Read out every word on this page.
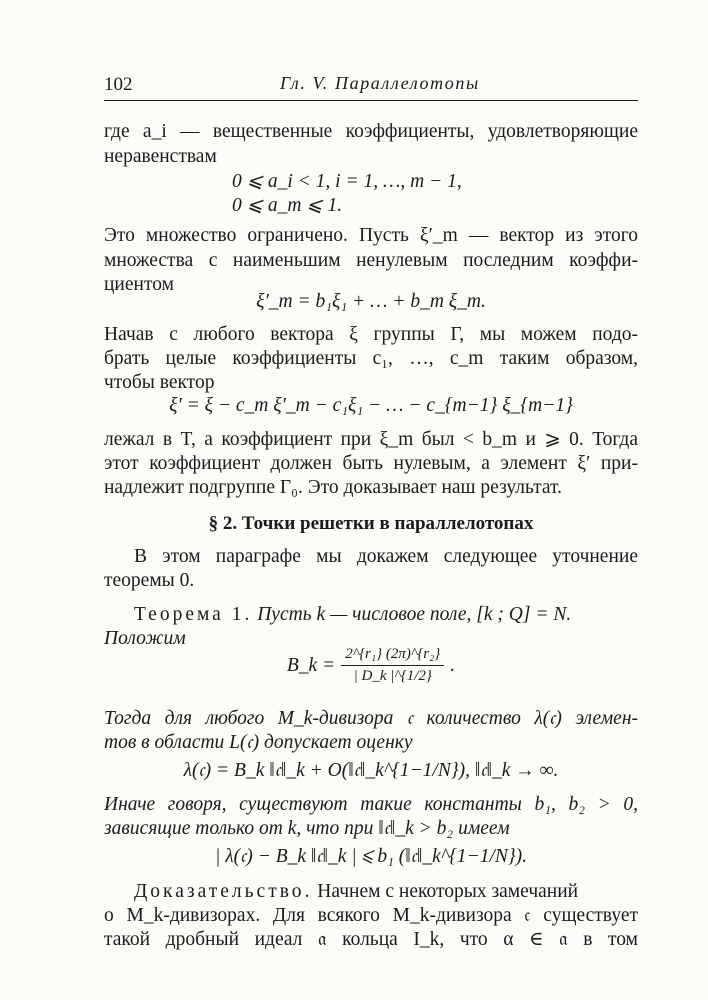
102	Гл. V. Параллелотопы
где a_i — вещественные коэффициенты, удовлетворяющие
неравенствам
0 ⩽ a_i < 1, i = 1, …, m − 1,
0 ⩽ a_m ⩽ 1.
Это множество ограничено. Пусть ξ′_m — вектор из этого
множества с наименьшим ненулевым последним коэффи-
циентом
ξ′_m = b₁ξ₁ + … + b_m ξ_m.
Начав с любого вектора ξ группы Γ, мы можем подо-
брать целые коэффициенты c₁, …, c_m таким образом,
чтобы вектор
ξ′ = ξ − c_m ξ′_m − c₁ξ₁ − … − c_{m−1} ξ_{m−1}
лежал в T, а коэффициент при ξ_m был < b_m и ⩾ 0. Тогда
этот коэффициент должен быть нулевым, а элемент ξ′ при-
надлежит подгруппе Γ₀. Это доказывает наш результат.
§ 2. Точки решетки в параллелотопах
В этом параграфе мы докажем следующее уточнение
теоремы 0.
Теорема 1. Пусть k — числовое поле, [k ; Q] = N.
Положим
B_k = $\frac{\text{2\textasciicircum{}\{r₁\} (2π)\textasciicircum{}\{r₂\}}}{| D\_k |\^{}\{1/2\}}$ .
Тогда для любого M_k-дивизора 𝔠 количество λ(𝔠) элемен-
тов в области L(𝔠) допускает оценку
λ(𝔠) = B_k ‖𝔠‖_k + O(‖𝔠‖_k^{1−1/N}), ‖𝔠‖_k → ∞.
Иначе говоря, существуют такие константы b₁, b₂ > 0,
зависящие только от k, что при ‖𝔠‖_k > b₂ имеем
| λ(𝔠) − B_k ‖𝔠‖_k | ⩽ b₁ (‖𝔠‖_k^{1−1/N}).
Доказательство. Начнем с некоторых замечаний
о M_k-дивизорах. Для всякого M_k-дивизора 𝔠 существует
такой дробный идеал 𝔞 кольца I_k, что α ∈ 𝔞 в том
